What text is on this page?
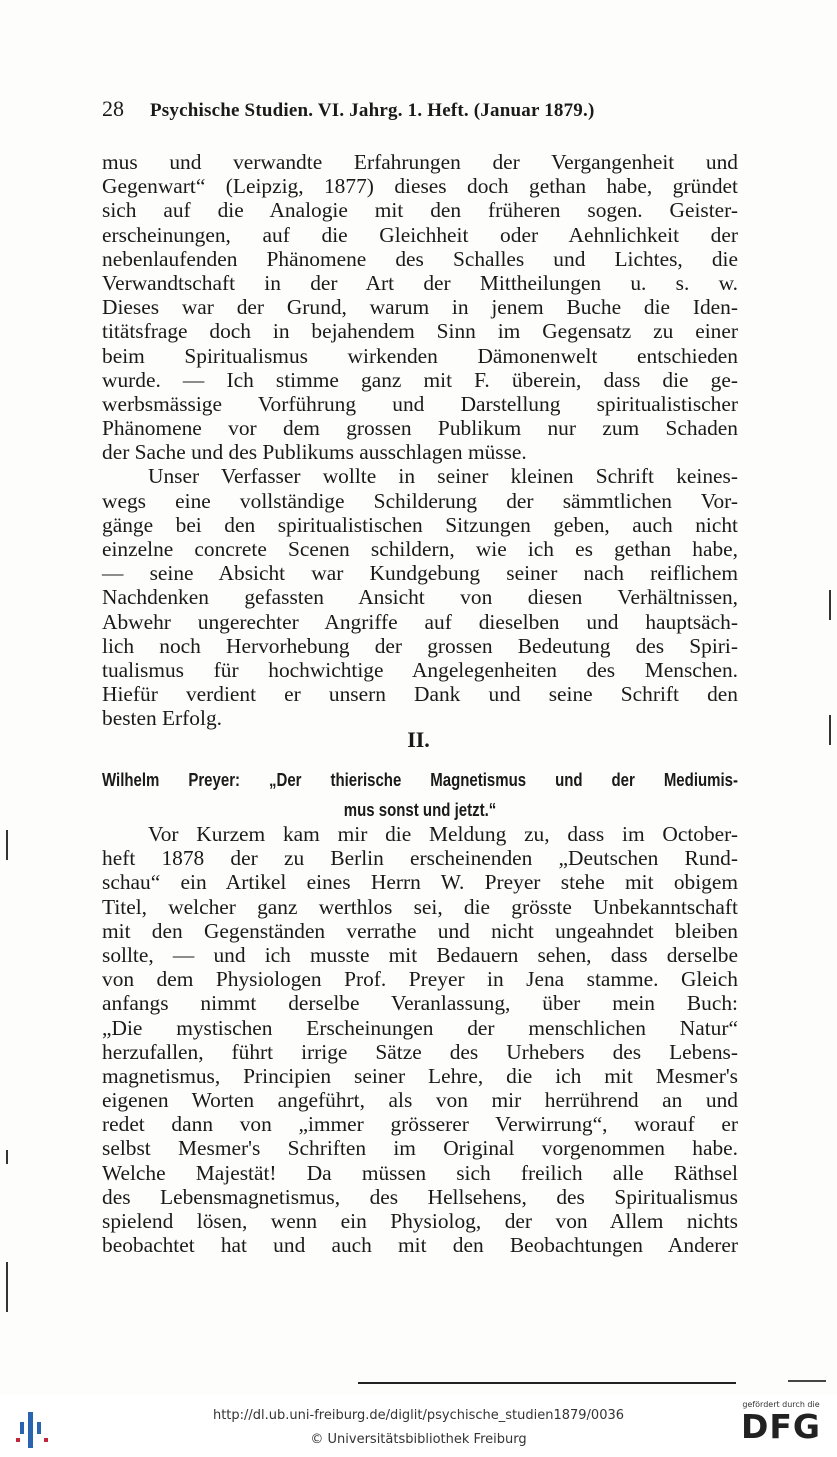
28 Psychische Studien. VI. Jahrg. 1. Heft. (Januar 1879.)
mus und verwandte Erfahrungen der Vergangenheit und
Gegenwart“ (Leipzig, 1877) dieses doch gethan habe, gründet
sich auf die Analogie mit den früheren sogen. Geister-
erscheinungen, auf die Gleichheit oder Aehnlichkeit der
nebenlaufenden Phänomene des Schalles und Lichtes, die
Verwandtschaft in der Art der Mittheilungen u. s. w.
Dieses war der Grund, warum in jenem Buche die Iden-
titätsfrage doch in bejahendem Sinn im Gegensatz zu einer
beim Spiritualismus wirkenden Dämonenwelt entschieden
wurde. — Ich stimme ganz mit F. überein, dass die ge-
werbsmässige Vorführung und Darstellung spiritualistischer
Phänomene vor dem grossen Publikum nur zum Schaden
der Sache und des Publikums ausschlagen müsse.
Unser Verfasser wollte in seiner kleinen Schrift keines-
wegs eine vollständige Schilderung der sämmtlichen Vor-
gänge bei den spiritualistischen Sitzungen geben, auch nicht
einzelne concrete Scenen schildern, wie ich es gethan habe,
— seine Absicht war Kundgebung seiner nach reiflichem
Nachdenken gefassten Ansicht von diesen Verhältnissen,
Abwehr ungerechter Angriffe auf dieselben und hauptsäch-
lich noch Hervorhebung der grossen Bedeutung des Spiri-
tualismus für hochwichtige Angelegenheiten des Menschen.
Hiefür verdient er unsern Dank und seine Schrift den
besten Erfolg.
II.
Wilhelm Preyer: „Der thierische Magnetismus und der Mediumis-
mus sonst und jetzt.“
Vor Kurzem kam mir die Meldung zu, dass im October-
heft 1878 der zu Berlin erscheinenden „Deutschen Rund-
schau“ ein Artikel eines Herrn W. Preyer stehe mit obigem
Titel, welcher ganz werthlos sei, die grösste Unbekanntschaft
mit den Gegenständen verrathe und nicht ungeahndet bleiben
sollte, — und ich musste mit Bedauern sehen, dass derselbe
von dem Physiologen Prof. Preyer in Jena stamme. Gleich
anfangs nimmt derselbe Veranlassung, über mein Buch:
„Die mystischen Erscheinungen der menschlichen Natur“
herzufallen, führt irrige Sätze des Urhebers des Lebens-
magnetismus, Principien seiner Lehre, die ich mit Mesmer's
eigenen Worten angeführt, als von mir herrührend an und
redet dann von „immer grösserer Verwirrung“, worauf er
selbst Mesmer's Schriften im Original vorgenommen habe.
Welche Majestät! Da müssen sich freilich alle Räthsel
des Lebensmagnetismus, des Hellsehens, des Spiritualismus
spielend lösen, wenn ein Physiolog, der von Allem nichts
beobachtet hat und auch mit den Beobachtungen Anderer
http://dl.ub.uni-freiburg.de/diglit/psychische_studien1879/0036
© Universitätsbibliothek Freiburg
gefördert durch die
DFG
